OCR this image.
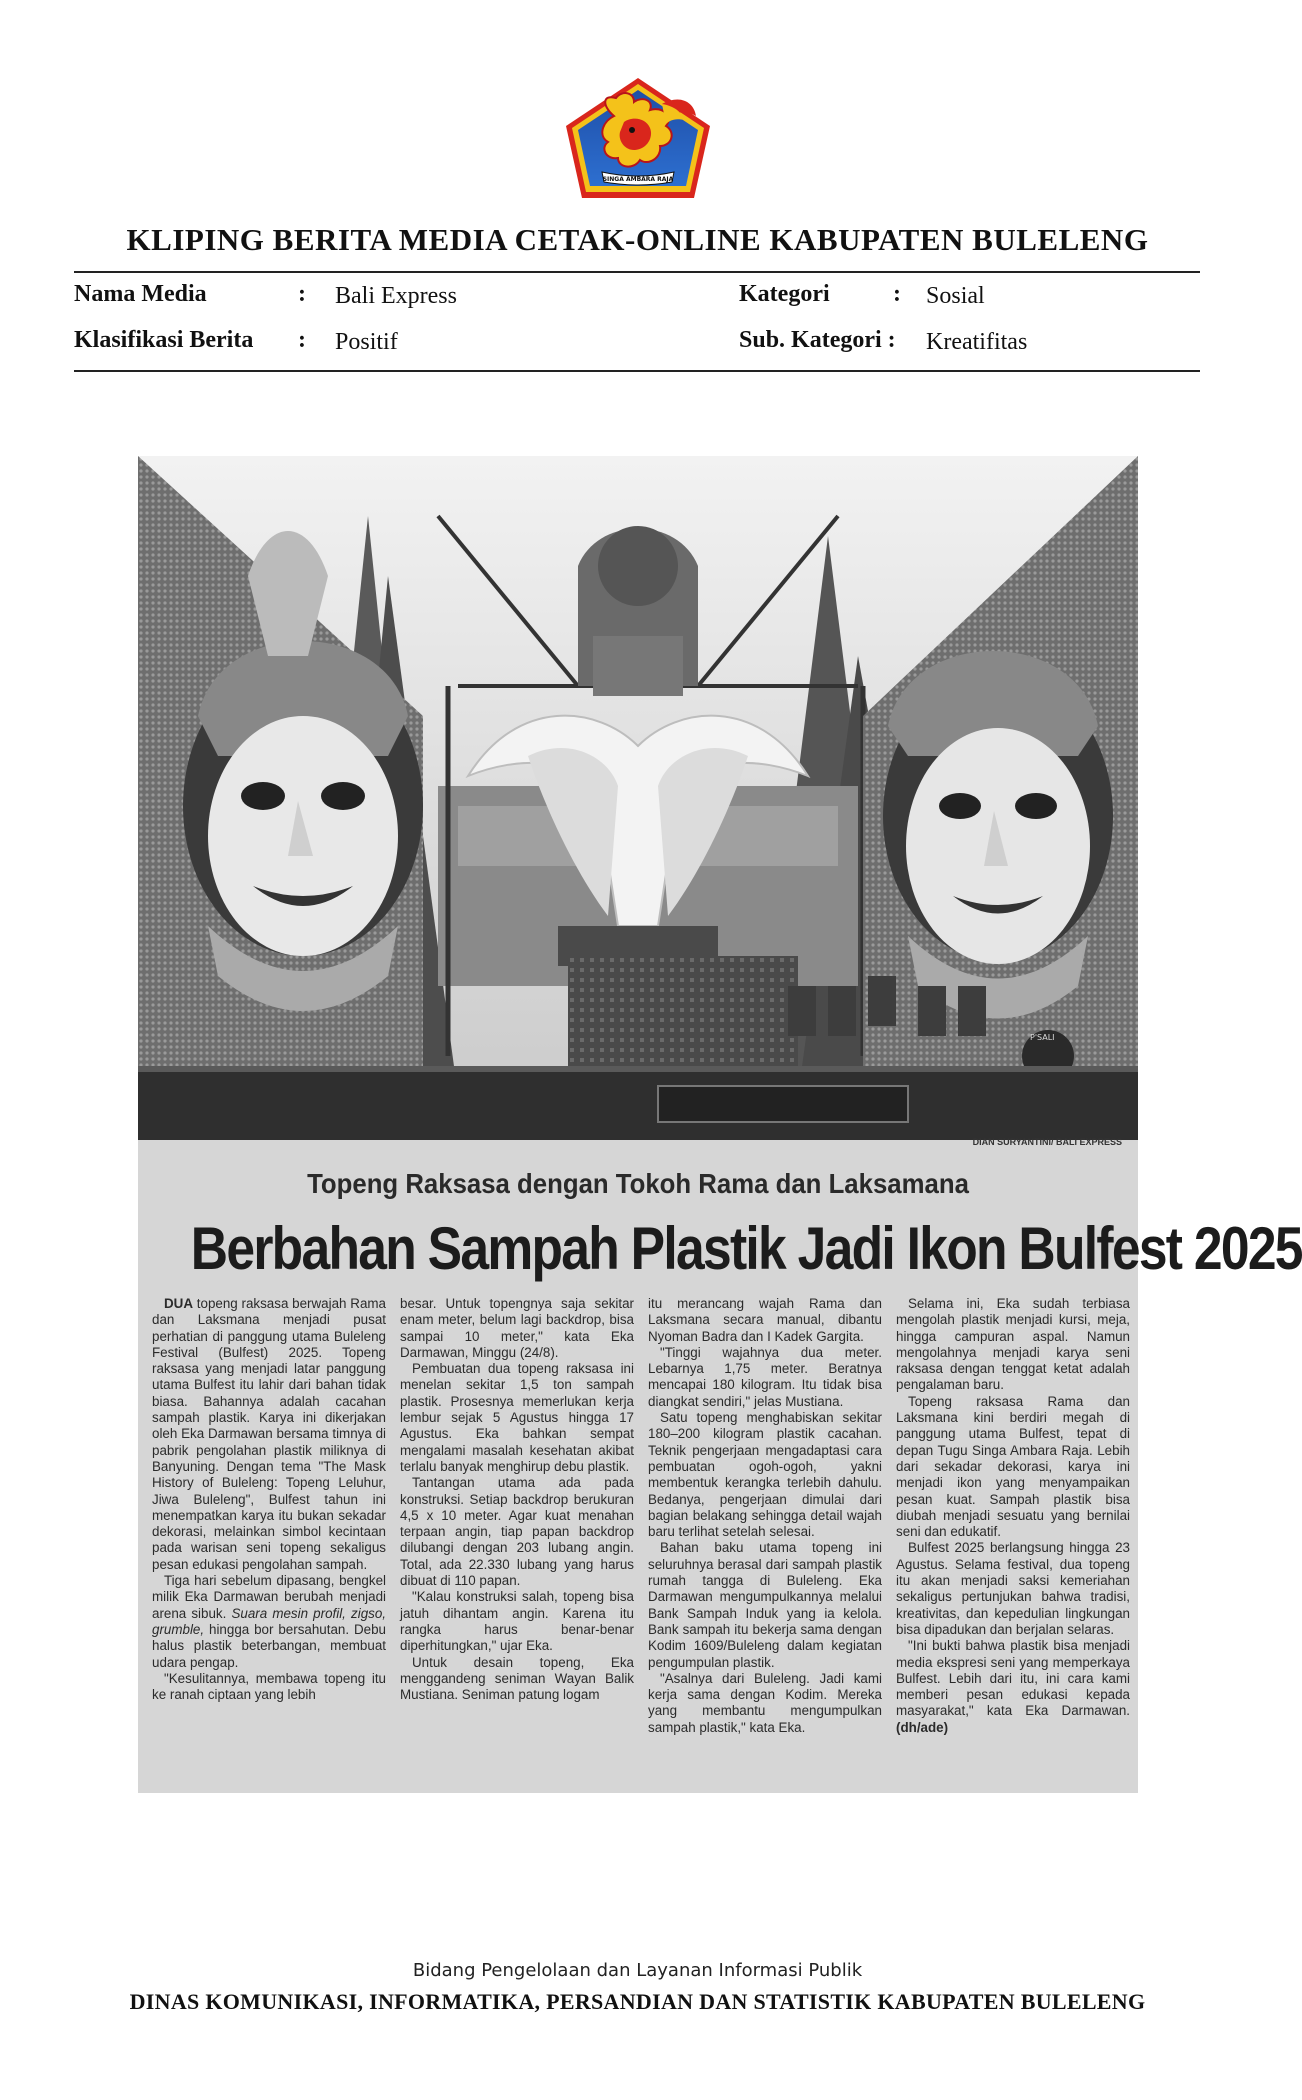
SINGA AMBARA RAJA
KLIPING BERITA MEDIA CETAK-ONLINE KABUPATEN BULELENG
Nama Media	: Bali Express
Klasifikasi Berita : Positif
Kategori	: Sosial
Sub. Kategori : Kreatifitas
P'SALI
DIAN SURYANTINI/ BALI EXPRESS
Topeng Raksasa dengan Tokoh Rama dan Laksamana
Berbahan Sampah Plastik Jadi Ikon Bulfest 2025

DUA topeng raksasa berwajah Rama dan Laksmana menjadi pusat perhatian di panggung utama Buleleng Festival (Bulfest) 2025. Topeng raksasa yang menjadi latar panggung utama Bulfest itu lahir dari bahan tidak biasa. Bahannya adalah cacahan sampah plastik. Karya ini dikerjakan oleh Eka Darmawan bersama timnya di pabrik pengolahan plastik miliknya di Banyuning. Dengan tema "The Mask History of Buleleng: Topeng Leluhur, Jiwa Buleleng", Bulfest tahun ini menempatkan karya itu bukan sekadar dekorasi, melainkan simbol kecintaan pada warisan seni topeng sekaligus pesan edukasi pengolahan sampah.

Tiga hari sebelum dipasang, bengkel milik Eka Darmawan berubah menjadi arena sibuk. Suara mesin profil, zigso, grumble, hingga bor bersahutan. Debu halus plastik beterbangan, membuat udara pengap.

"Kesulitannya, membawa topeng itu ke ranah ciptaan yang lebih

besar. Untuk topengnya saja sekitar enam meter, belum lagi backdrop, bisa sampai 10 meter," kata Eka Darmawan, Minggu (24/8).

Pembuatan dua topeng raksasa ini menelan sekitar 1,5 ton sampah plastik. Prosesnya memerlukan kerja lembur sejak 5 Agustus hingga 17 Agustus. Eka bahkan sempat mengalami masalah kesehatan akibat terlalu banyak menghirup debu plastik.

Tantangan utama ada pada konstruksi. Setiap backdrop berukuran 4,5 x 10 meter. Agar kuat menahan terpaan angin, tiap papan backdrop dilubangi dengan 203 lubang angin. Total, ada 22.330 lubang yang harus dibuat di 110 papan.

"Kalau konstruksi salah, topeng bisa jatuh dihantam angin. Karena itu rangka harus benar-benar diperhitungkan," ujar Eka.

Untuk desain topeng, Eka menggandeng seniman Wayan Balik Mustiana. Seniman patung logam

itu merancang wajah Rama dan Laksmana secara manual, dibantu Nyoman Badra dan I Kadek Gargita.

"Tinggi wajahnya dua meter. Lebarnya 1,75 meter. Beratnya mencapai 180 kilogram. Itu tidak bisa diangkat sendiri," jelas Mustiana.

Satu topeng menghabiskan sekitar 180–200 kilogram plastik cacahan. Teknik pengerjaan mengadaptasi cara pembuatan ogoh-ogoh, yakni membentuk kerangka terlebih dahulu. Bedanya, pengerjaan dimulai dari bagian belakang sehingga detail wajah baru terlihat setelah selesai.

Bahan baku utama topeng ini seluruhnya berasal dari sampah plastik rumah tangga di Buleleng. Eka Darmawan mengumpulkannya melalui Bank Sampah Induk yang ia kelola. Bank sampah itu bekerja sama dengan Kodim 1609/Buleleng dalam kegiatan pengumpulan plastik.

"Asalnya dari Buleleng. Jadi kami kerja sama dengan Kodim. Mereka yang membantu mengumpulkan sampah plastik," kata Eka.

Selama ini, Eka sudah terbiasa mengolah plastik menjadi kursi, meja, hingga campuran aspal. Namun mengolahnya menjadi karya seni raksasa dengan tenggat ketat adalah pengalaman baru.

Topeng raksasa Rama dan Laksmana kini berdiri megah di panggung utama Bulfest, tepat di depan Tugu Singa Ambara Raja. Lebih dari sekadar dekorasi, karya ini menjadi ikon yang menyampaikan pesan kuat. Sampah plastik bisa diubah menjadi sesuatu yang bernilai seni dan edukatif.

Bulfest 2025 berlangsung hingga 23 Agustus. Selama festival, dua topeng itu akan menjadi saksi kemeriahan sekaligus pertunjukan bahwa tradisi, kreativitas, dan kepedulian lingkungan bisa dipadukan dan berjalan selaras.

"Ini bukti bahwa plastik bisa menjadi media ekspresi seni yang memperkaya Bulfest. Lebih dari itu, ini cara kami memberi pesan edukasi kepada masyarakat," kata Eka Darmawan. (dh/ade)

Bidang Pengelolaan dan Layanan Informasi Publik
DINAS KOMUNIKASI, INFORMATIKA, PERSANDIAN DAN STATISTIK KABUPATEN BULELENG
